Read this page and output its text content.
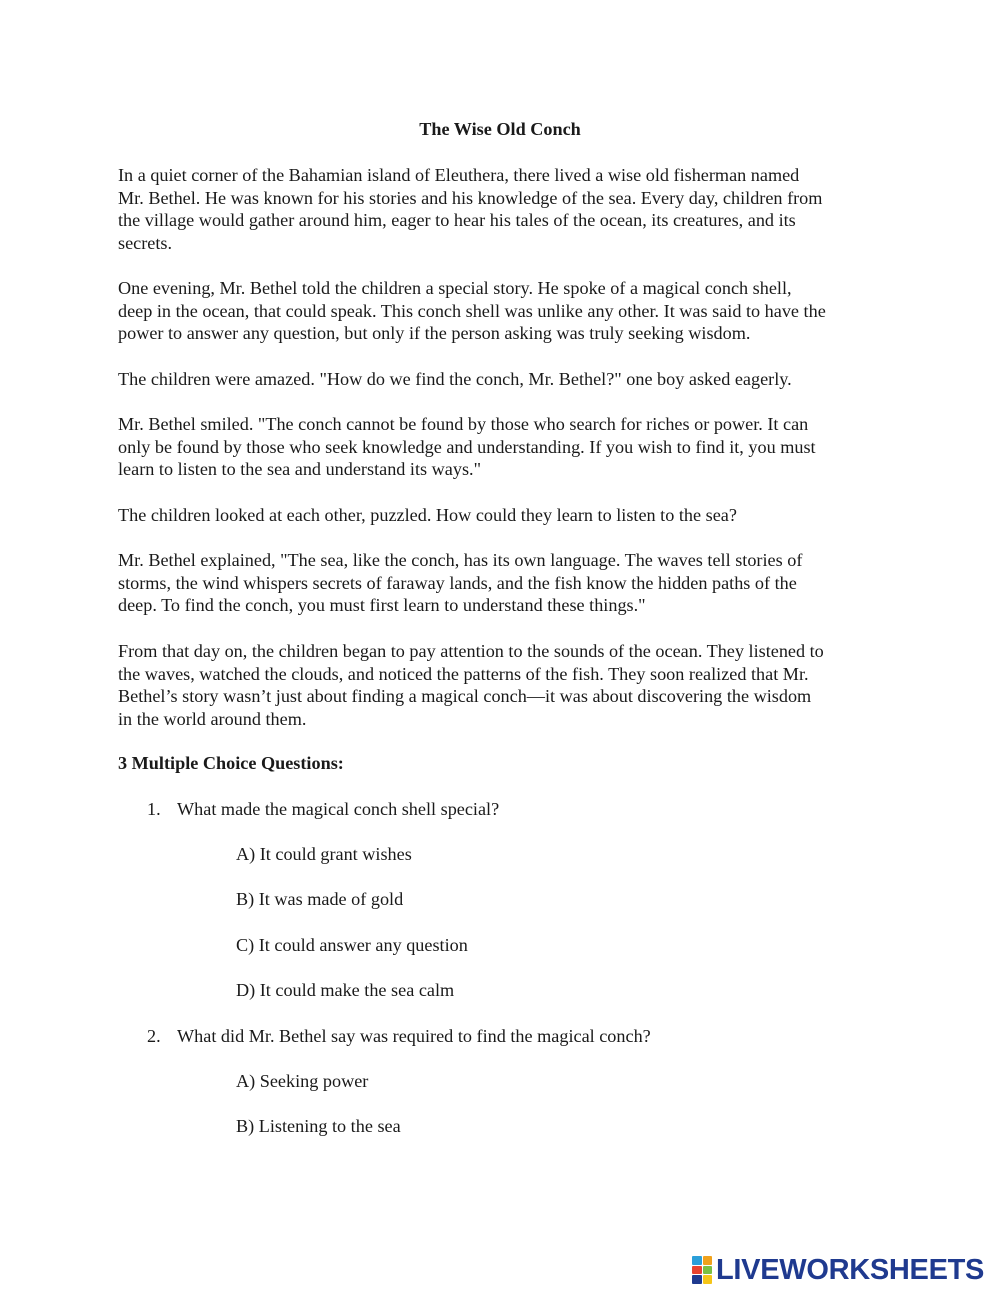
The Wise Old Conch

In a quiet corner of the Bahamian island of Eleuthera, there lived a wise old fisherman named
Mr. Bethel. He was known for his stories and his knowledge of the sea. Every day, children from
the village would gather around him, eager to hear his tales of the ocean, its creatures, and its
secrets.

One evening, Mr. Bethel told the children a special story. He spoke of a magical conch shell,
deep in the ocean, that could speak. This conch shell was unlike any other. It was said to have the
power to answer any question, but only if the person asking was truly seeking wisdom.

The children were amazed. "How do we find the conch, Mr. Bethel?" one boy asked eagerly.

Mr. Bethel smiled. "The conch cannot be found by those who search for riches or power. It can
only be found by those who seek knowledge and understanding. If you wish to find it, you must
learn to listen to the sea and understand its ways."

The children looked at each other, puzzled. How could they learn to listen to the sea?

Mr. Bethel explained, "The sea, like the conch, has its own language. The waves tell stories of
storms, the wind whispers secrets of faraway lands, and the fish know the hidden paths of the
deep. To find the conch, you must first learn to understand these things."

From that day on, the children began to pay attention to the sounds of the ocean. They listened to
the waves, watched the clouds, and noticed the patterns of the fish. They soon realized that Mr.
Bethel’s story wasn’t just about finding a magical conch—it was about discovering the wisdom
in the world around them.

3 Multiple Choice Questions:

1. What made the magical conch shell special?

A) It could grant wishes

B) It was made of gold

C) It could answer any question

D) It could make the sea calm

2. What did Mr. Bethel say was required to find the magical conch?

A) Seeking power

B) Listening to the sea

LIVEWORKSHEETS
